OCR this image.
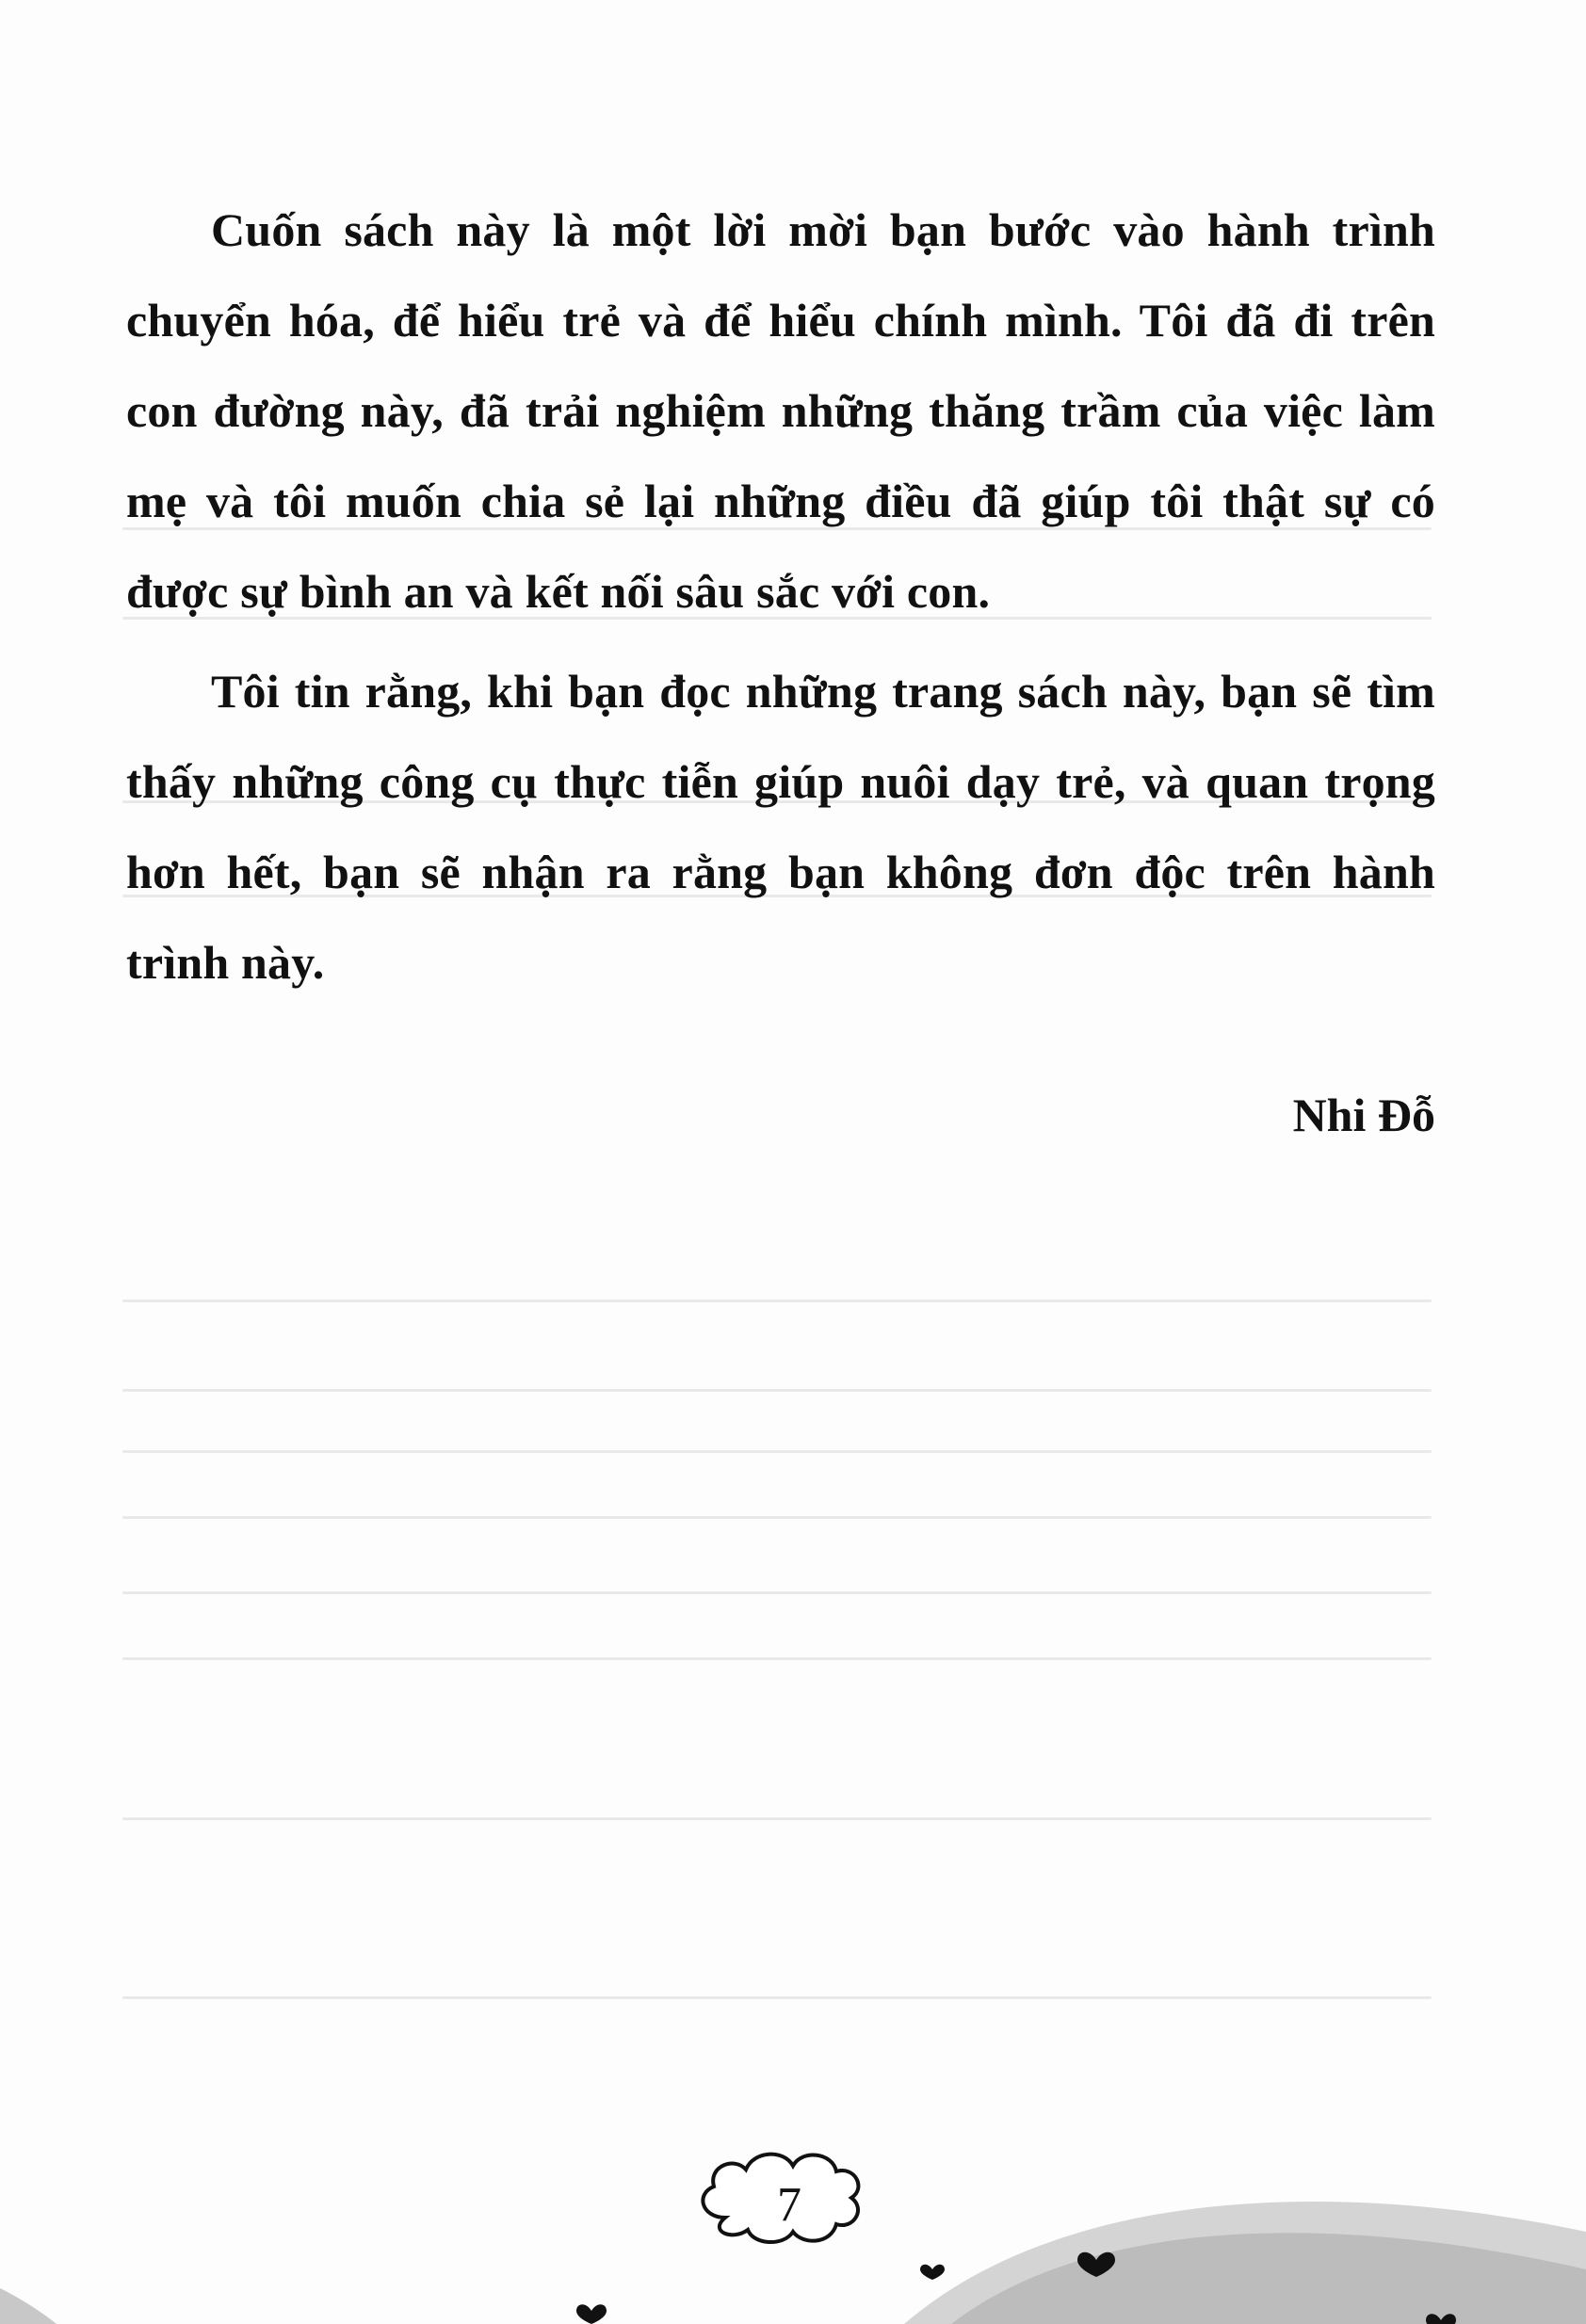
Cuốn sách này là một lời mời bạn bước vào hành trình chuyển hóa, để hiểu trẻ và để hiểu chính mình. Tôi đã đi trên con đường này, đã trải nghiệm những thăng trầm của việc làm mẹ và tôi muốn chia sẻ lại những điều đã giúp tôi thật sự có được sự bình an và kết nối sâu sắc với con.

Tôi tin rằng, khi bạn đọc những trang sách này, bạn sẽ tìm thấy những công cụ thực tiễn giúp nuôi dạy trẻ, và quan trọng hơn hết, bạn sẽ nhận ra rằng bạn không đơn độc trên hành trình này.

Nhi Đỗ
7
